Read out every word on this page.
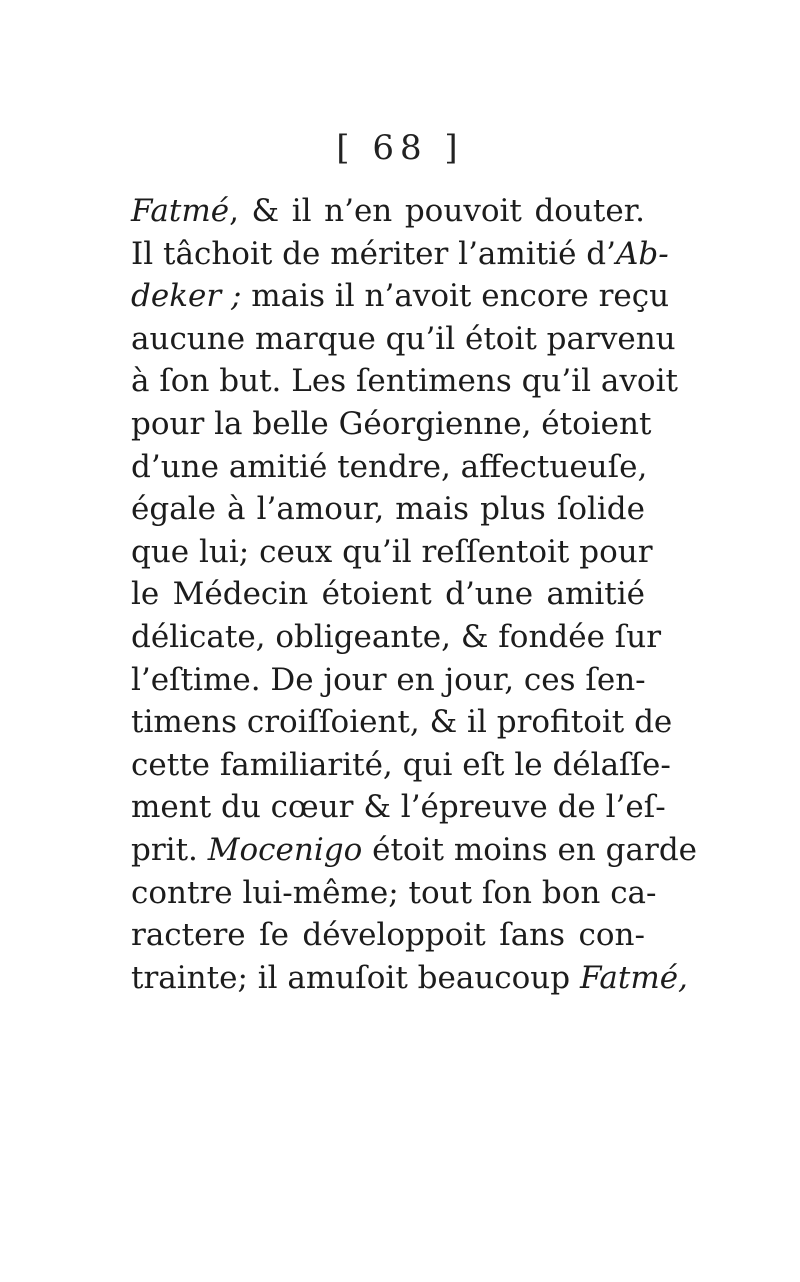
[ 68 ]
Fatmé, & il n’en pouvoit douter.
Il tâchoit de mériter l’amitié d’Ab-
deker ; mais il n’avoit encore reçu
aucune marque qu’il étoit parvenu
à ſon but. Les ſentimens qu’il avoit
pour la belle Géorgienne, étoient
d’une amitié tendre, affectueuſe,
égale à l’amour, mais plus ſolide
que lui; ceux qu’il reſſentoit pour
le Médecin étoient d’une amitié
délicate, obligeante, & fondée ſur
l’eſtime. De jour en jour, ces ſen-
timens croiſſoient, & il profitoit de
cette familiarité, qui eſt le délaſſe-
ment du cœur & l’épreuve de l’eſ-
prit. Mocenigo étoit moins en garde
contre lui-même; tout ſon bon ca-
ractere ſe développoit ſans con-
trainte; il amuſoit beaucoup Fatmé,
